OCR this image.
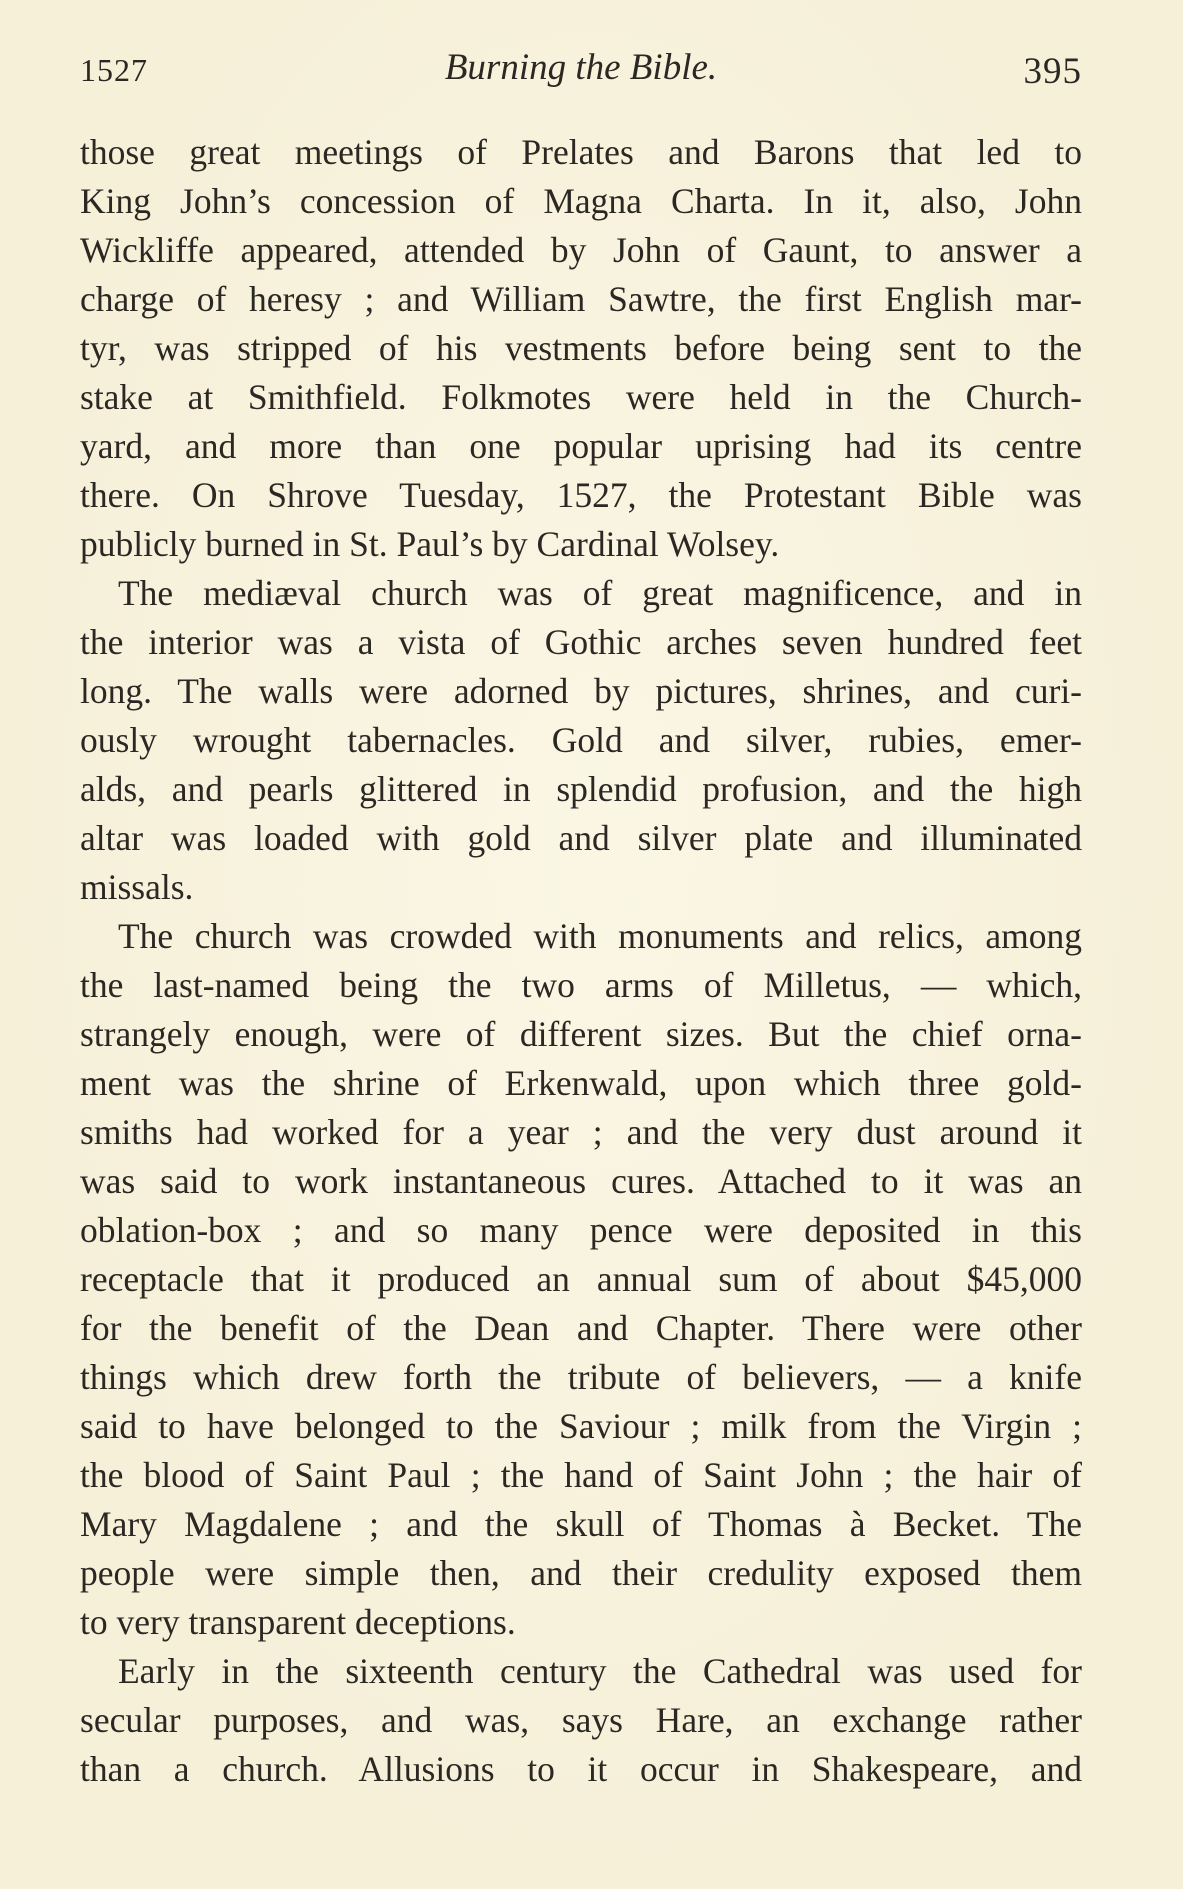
1527	Burning the Bible.	395
those great meetings of Prelates and Barons that led to
King John’s concession of Magna Charta. In it, also, John
Wickliffe appeared, attended by John of Gaunt, to answer a
charge of heresy ; and William Sawtre, the first English mar-
tyr, was stripped of his vestments before being sent to the
stake at Smithfield. Folkmotes were held in the Church-
yard, and more than one popular uprising had its centre
there. On Shrove Tuesday, 1527, the Protestant Bible was
publicly burned in St. Paul’s by Cardinal Wolsey.
The mediæval church was of great magnificence, and in
the interior was a vista of Gothic arches seven hundred feet
long. The walls were adorned by pictures, shrines, and curi-
ously wrought tabernacles. Gold and silver, rubies, emer-
alds, and pearls glittered in splendid profusion, and the high
altar was loaded with gold and silver plate and illuminated
missals.
The church was crowded with monuments and relics, among
the last-named being the two arms of Milletus, — which,
strangely enough, were of different sizes. But the chief orna-
ment was the shrine of Erkenwald, upon which three gold-
smiths had worked for a year ; and the very dust around it
was said to work instantaneous cures. Attached to it was an
oblation-box ; and so many pence were deposited in this
receptacle that it produced an annual sum of about $45,000
for the benefit of the Dean and Chapter. There were other
things which drew forth the tribute of believers, — a knife
said to have belonged to the Saviour ; milk from the Virgin ;
the blood of Saint Paul ; the hand of Saint John ; the hair of
Mary Magdalene ; and the skull of Thomas à Becket. The
people were simple then, and their credulity exposed them
to very transparent deceptions.
Early in the sixteenth century the Cathedral was used for
secular purposes, and was, says Hare, an exchange rather
than a church. Allusions to it occur in Shakespeare, and
